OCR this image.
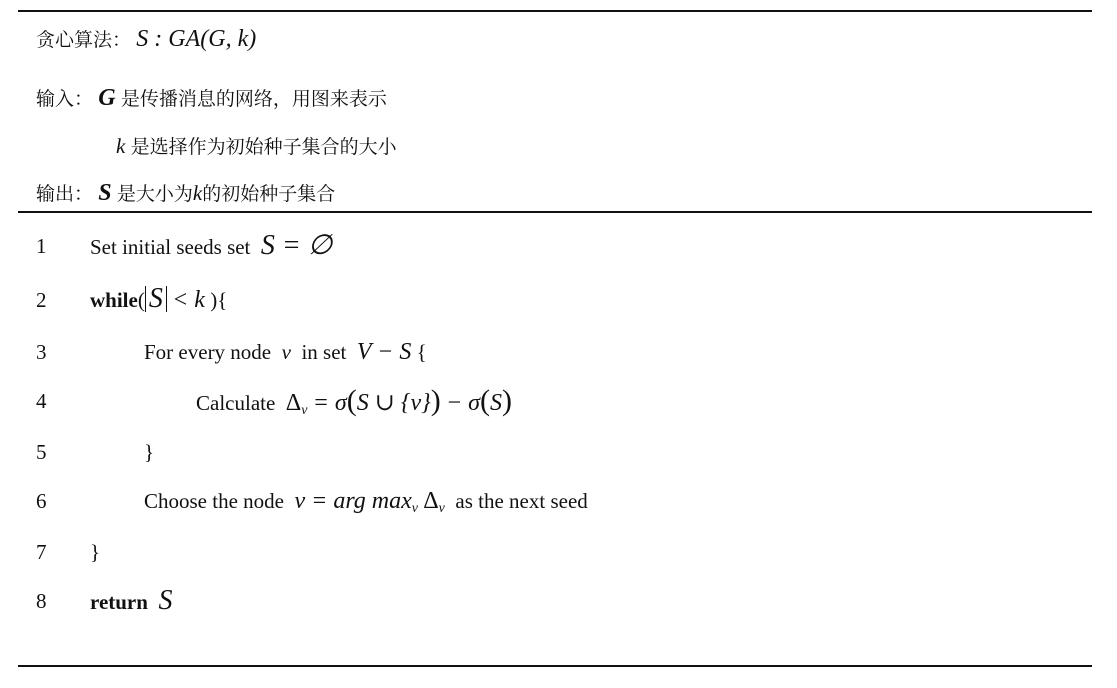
贪心算法： S : GA(G, k)
输入： G 是传播消息的网络，用图来表示
k 是选择作为初始种子集合的大小
输出： S 是大小为k的初始种子集合
1	Set initial seeds set S = ∅
2	while( S < k ){
3	For every node v in set V − S {
4	Calculate $\Delta_v = \sigma(S$ ∪ {v}) − σ(S)
5	}
6	Choose the node v = arg $\max_v \Delta_v$ as the next seed
7	}
8	return S
